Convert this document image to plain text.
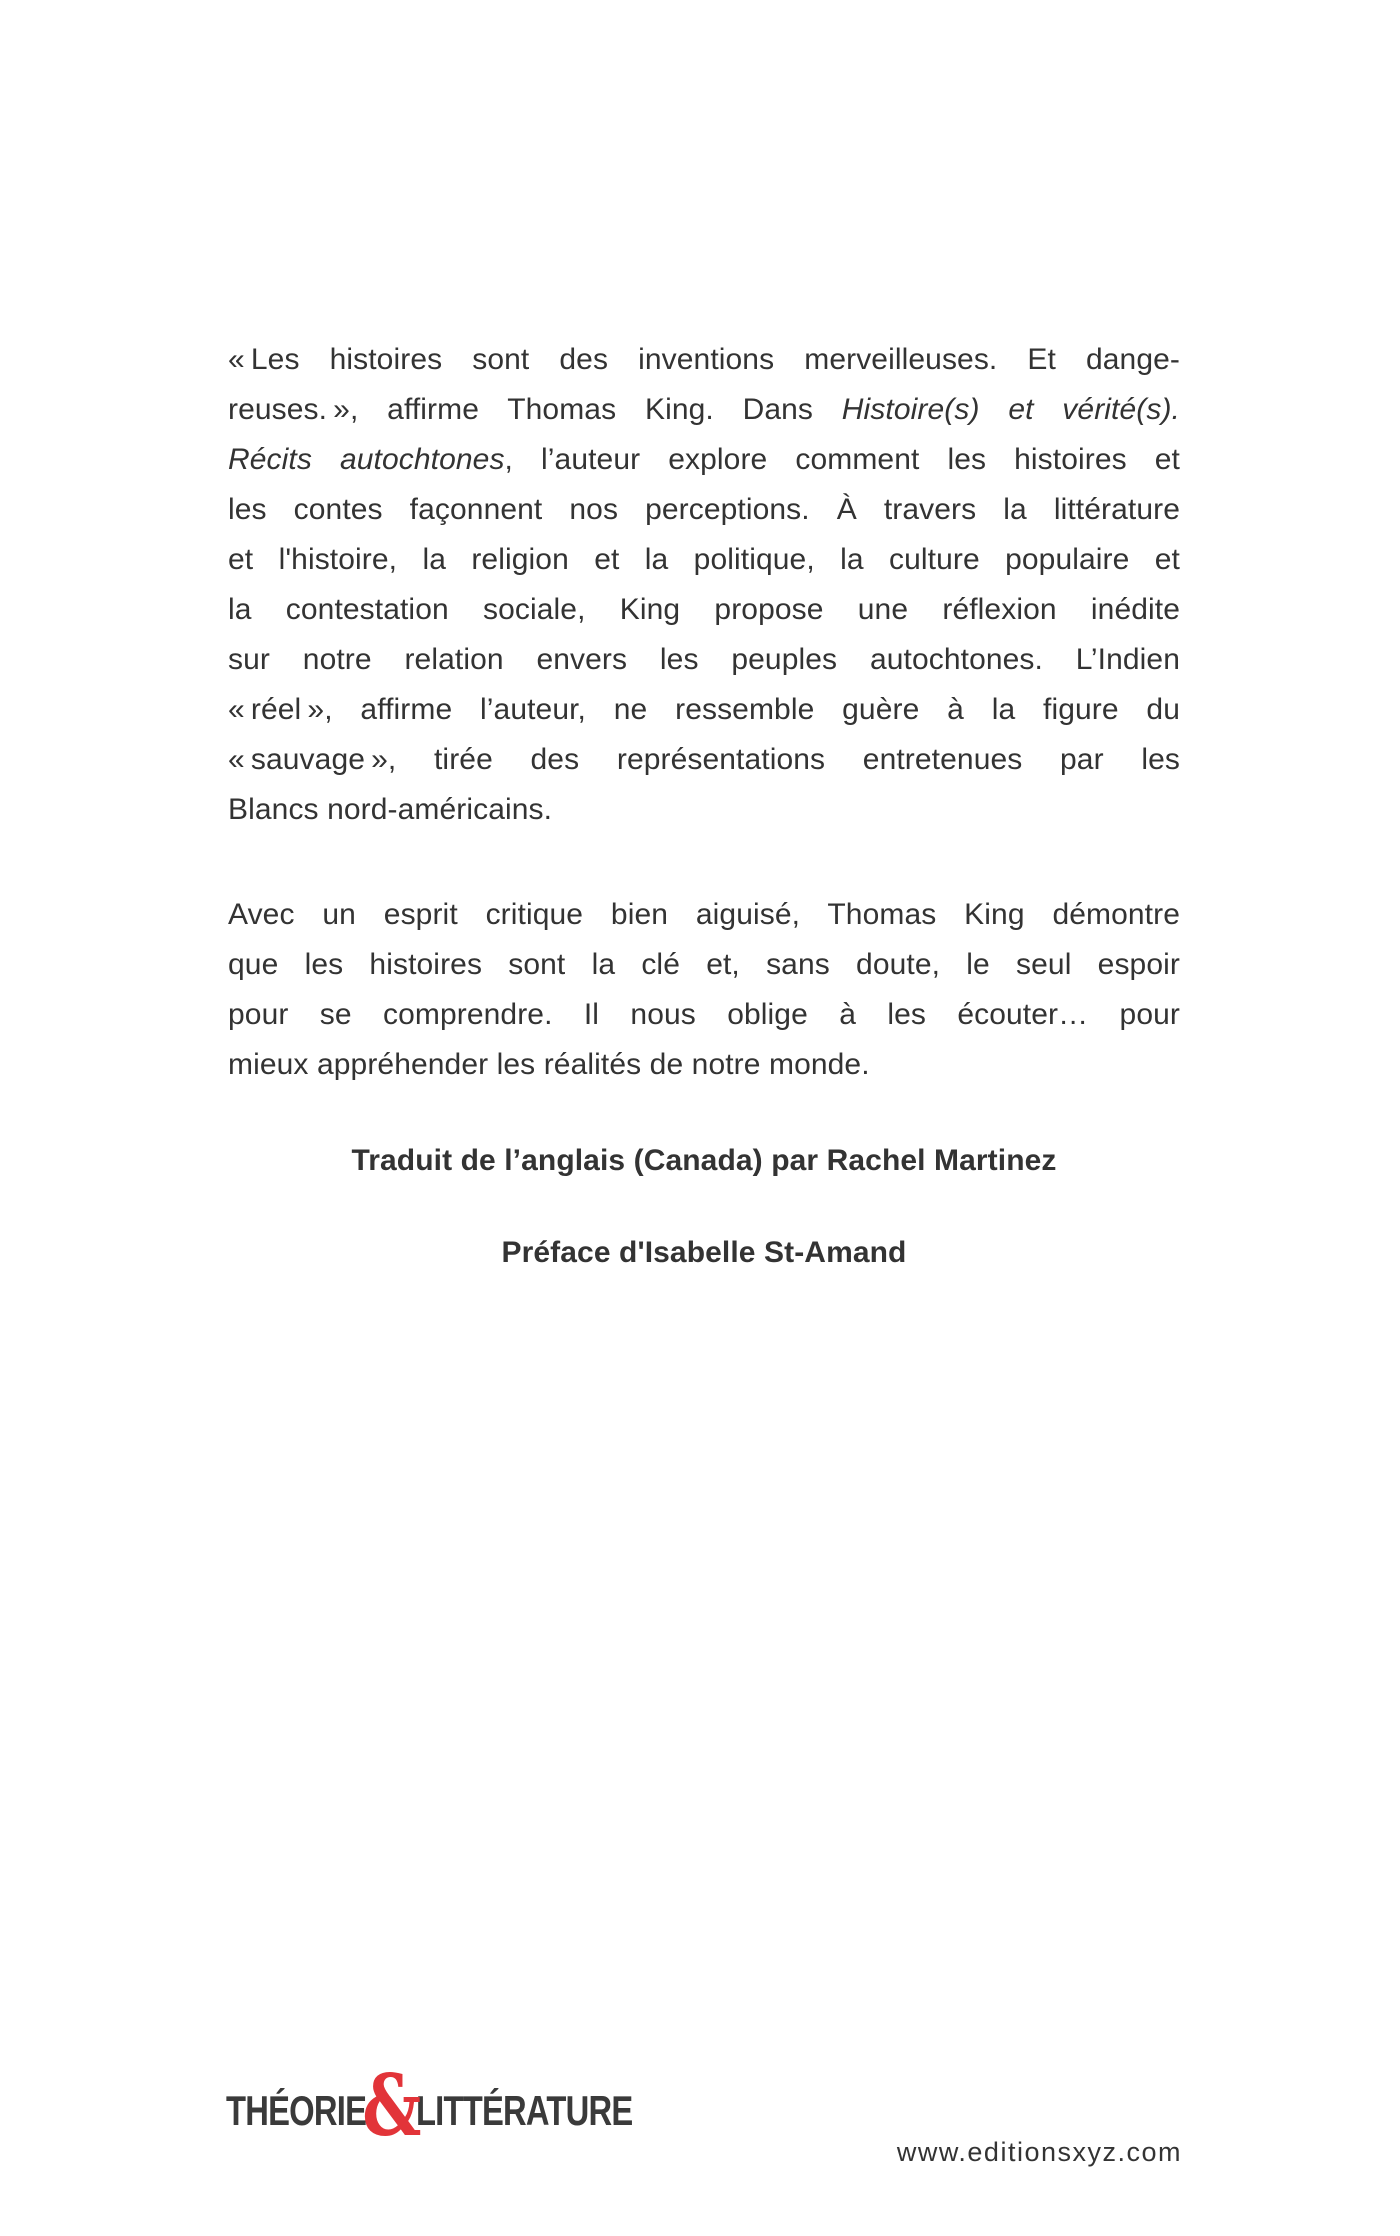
« Les histoires sont des inventions merveilleuses. Et dange-
reuses. », affirme Thomas King. Dans Histoire(s) et vérité(s).
Récits autochtones, l’auteur explore comment les histoires et
les contes façonnent nos perceptions. À travers la littérature
et l'histoire, la religion et la politique, la culture populaire et
la contestation sociale, King propose une réflexion inédite
sur notre relation envers les peuples autochtones. L’Indien
« réel », affirme l’auteur, ne ressemble guère à la figure du
« sauvage », tirée des représentations entretenues par les
Blancs nord-américains.
Avec un esprit critique bien aiguisé, Thomas King démontre
que les histoires sont la clé et, sans doute, le seul espoir
pour se comprendre. Il nous oblige à les écouter… pour
mieux appréhender les réalités de notre monde.

Traduit de l’anglais (Canada) par Rachel Martinez

Préface d'Isabelle St-Amand

THÉORIE
&
LITTÉRATURE
www.editionsxyz.com
